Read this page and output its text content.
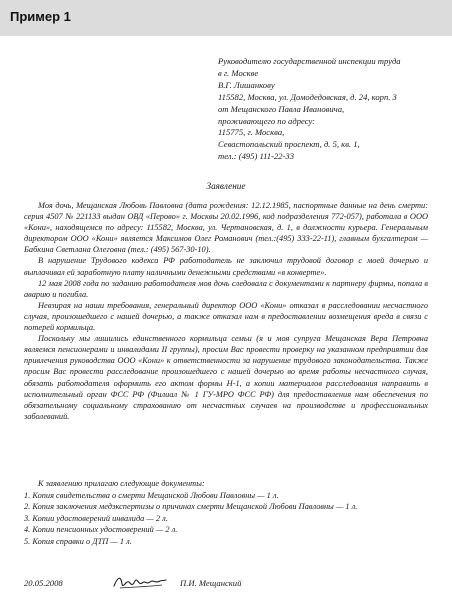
Пример 1
Руководителю государственной инспекции труда
в г. Москве
В.Г. Лишанкову
115582, Москва, ул. Домодедовская, д. 24, корп. 3
от Мещанского Павла Ивановича,
проживающего по адресу:
115775, г. Москва,
Севастопольский проспект, д. 5, кв. 1,
тел.: (495) 111-22-33
Заявление

Моя дочь, Мещанская Любовь Павловна (дата рождения: 12.12.1985, паспортные данные на день смерти: серия 4507 № 221133 выдан ОВД «Перово» г. Москвы 20.02.1996, код подразделения 772-057), работала в ООО «Кони», находящемся по адресу: 115582, Москва, ул. Чертановская, д. 1, в должности курьера. Генеральным директором ООО «Кони» является Максимов Олег Романович (тел.:(495) 333-22-11), главным бухгалтером — Бабкина Светлана Олеговна (тел.: (495) 567-30-10).

В нарушение Трудового кодекса РФ работодатель не заключил трудовой договор с моей дочерью и выплачивал ей заработную плату наличными денежными средствами «в конверте».

12 мая 2008 года по заданию работодателя моя дочь следовала с документами к партнеру фирмы, попала в аварию и погибла.

Невзирая на наши требования, генеральный директор ООО «Кони» отказал в расследовании несчастного случая, произошедшего с нашей дочерью, а также отказал нам в предоставлении возмещения вреда в связи с потерей кормильца.

Поскольку мы лишились единственного кормильца семьи (я и моя супруга Мещанская Вера Петровна являемся пенсионерами и инвалидами II группы), просим Вас провести проверку на указанном предприятии для привлечения руководства ООО «Кони» к ответственности за нарушение трудового законодательства. Также просим Вас провести расследование произошедшего с нашей дочерью во время работы несчастного случая, обязать работодателя оформить его актом формы Н-1, а копии материалов расследования направить в исполнительный орган ФСС РФ (Филиал № 1 ГУ-МРО ФСС РФ) для предоставления нам обеспечения по обязательному социальному страхованию от несчастных случаев на производстве и профессиональных заболеваний.

К заявлению прилагаю следующие документы:
1. Копия свидетельства о смерти Мещанской Любови Павловны — 1 л.
2. Копия заключения медэкспертизы о причинах смерти Мещанской Любови Павловны — 1 л.
3. Копии удостоверений инвалида — 2 л.
4. Копии пенсионных удостоверений — 2 л.
5. Копия справки о ДТП — 1 л.
20.05.2008	П.И. Мещанский
